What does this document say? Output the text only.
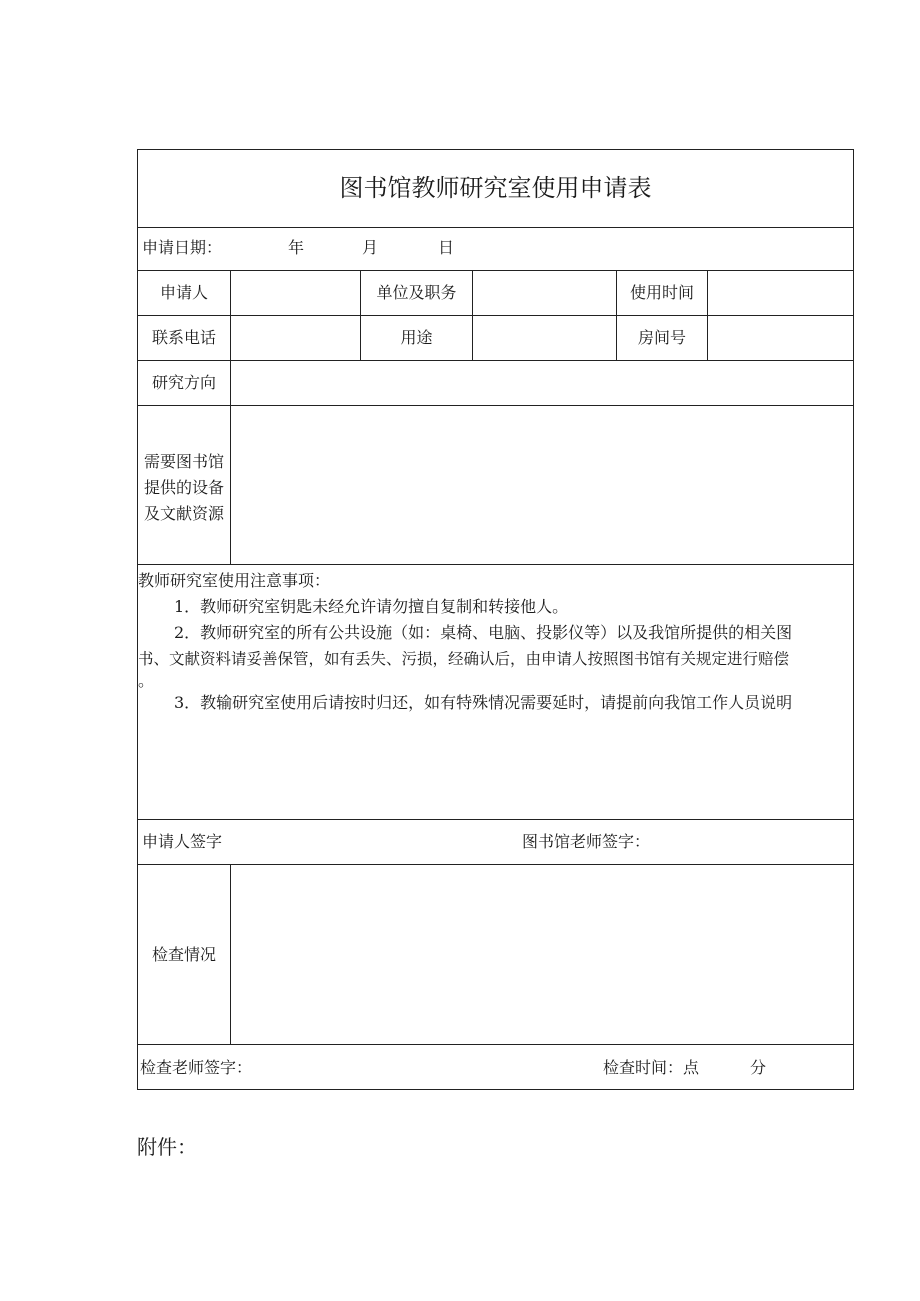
图书馆教师研究室使用申请表
申请日期：	年	月	日
申请人	单位及职务	使用时间
联系电话	用途	房间号
研究方向
需要图书馆
提供的设备
及文献资源

教师研究室使用注意事项：

1．教师研究室钥匙未经允许请勿擅自复制和转接他人。

2．教师研究室的所有公共设施（如：桌椅、电脑、投影仪等）以及我馆所提供的相关图

书、文献资料请妥善保管，如有丢失、污损，经确认后，由申请人按照图书馆有关规定进行赔偿

。

3．教输研究室使用后请按时归还，如有特殊情况需要延时，请提前向我馆工作人员说明

申请人签字	图书馆老师签字：
检查情况
检查老师签字：	检查时间：点	分
附件：
